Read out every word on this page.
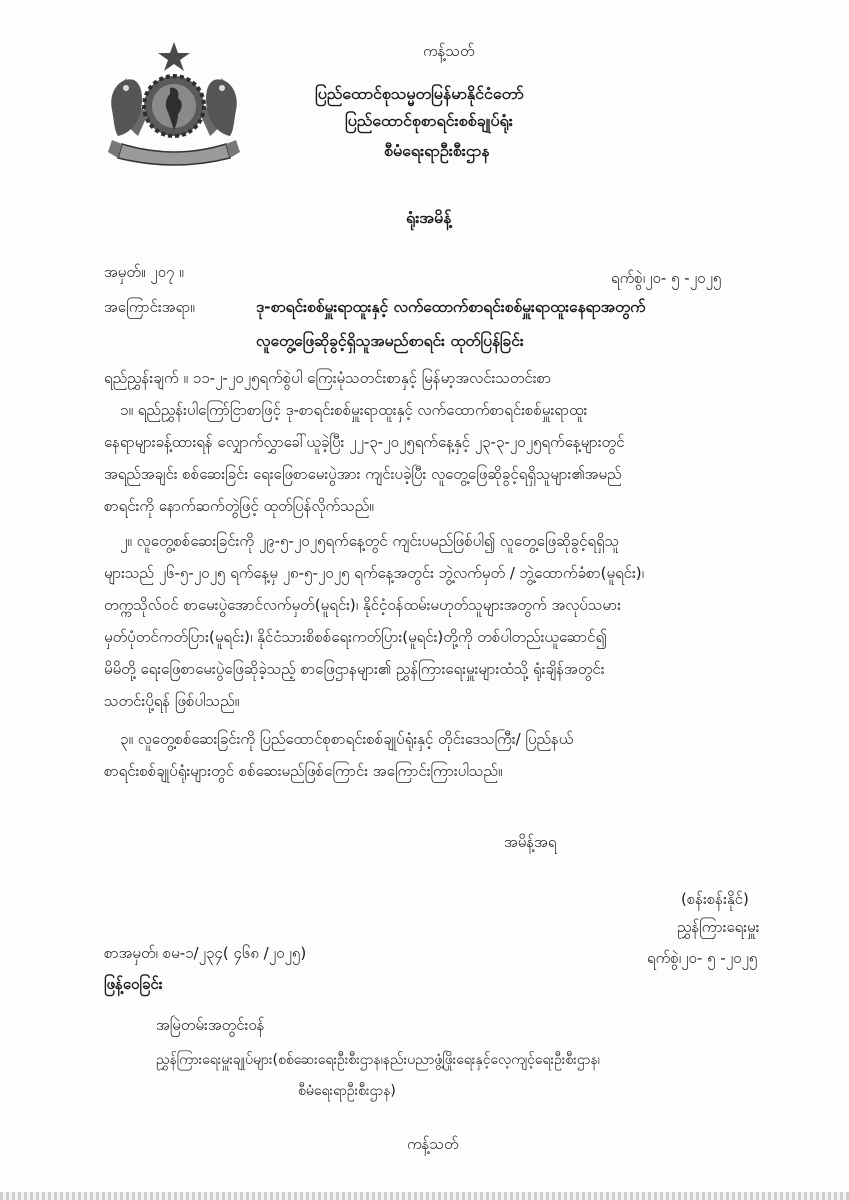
ကန့်သတ်
ပြည်ထောင်စုသမ္မတမြန်မာနိုင်ငံတော်
ပြည်ထောင်စုစာရင်းစစ်ချုပ်ရုံး
စီမံရေးရာဦးစီးဌာန
ရုံးအမိန့်
အမှတ်။ ၂၀၇ ။	ရက်စွဲ၊၂၀- ၅ -၂၀၂၅
အကြောင်းအရာ။	ဒု-စာရင်းစစ်မှူးရာထူးနှင့် လက်ထောက်စာရင်းစစ်မှူးရာထူးနေရာအတွက်
လူတွေ့ဖြေဆိုခွင့်ရှိသူအမည်စာရင်း ထုတ်ပြန်ခြင်း
ရည်ညွှန်းချက် ။ ၁၁-၂-၂၀၂၅ရက်စွဲပါ ကြေးမုံသတင်းစာနှင့် မြန်မာ့အလင်းသတင်းစာ
၁။ ရည်ညွှန်းပါကြော်ငြာစာဖြင့် ဒု-စာရင်းစစ်မှူးရာထူးနှင့် လက်ထောက်စာရင်းစစ်မှူးရာထူး
နေရာများခန့်ထားရန် လျှောက်လွှာခေါ်ယူခဲ့ပြီး ၂၂-၃-၂၀၂၅ရက်နေ့နှင့် ၂၃-၃-၂၀၂၅ရက်နေ့များတွင်
အရည်အချင်း စစ်ဆေးခြင်း ရေးဖြေစာမေးပွဲအား ကျင်းပခဲ့ပြီး လူတွေ့ဖြေဆိုခွင့်ရရှိသူများ၏အမည်
စာရင်းကို နောက်ဆက်တွဲဖြင့် ထုတ်ပြန်လိုက်သည်။
၂။ လူတွေ့စစ်ဆေးခြင်းကို ၂၉-၅-၂၀၂၅ရက်နေ့တွင် ကျင်းပမည်ဖြစ်ပါ၍ လူတွေ့ဖြေဆိုခွင့်ရရှိသူ
များသည် ၂၆-၅-၂၀၂၅ ရက်နေ့မှ ၂၈-၅-၂၀၂၅ ရက်နေ့အတွင်း ဘွဲ့လက်မှတ် / ဘွဲ့ထောက်ခံစာ(မူရင်း)၊
တက္ကသိုလ်ဝင် စာမေးပွဲအောင်လက်မှတ်(မူရင်း)၊ နိုင်ငံ့ဝန်ထမ်းမဟုတ်သူများအတွက် အလုပ်သမား
မှတ်ပုံတင်ကတ်ပြား(မူရင်း)၊ နိုင်ငံသားစိစစ်ရေးကတ်ပြား(မူရင်း)တို့ကို တစ်ပါတည်းယူဆောင်၍
မိမိတို့ ရေးဖြေစာမေးပွဲဖြေဆိုခဲ့သည့် စာဖြေဌာနများ၏ ညွှန်ကြားရေးမှူးများထံသို့ ရုံးချိန်အတွင်း
သတင်းပို့ရန် ဖြစ်ပါသည်။
၃။ လူတွေ့စစ်ဆေးခြင်းကို ပြည်ထောင်စုစာရင်းစစ်ချုပ်ရုံးနှင့် တိုင်းဒေသကြီး/ ပြည်နယ်
စာရင်းစစ်ချုပ်ရုံးများတွင် စစ်ဆေးမည်ဖြစ်ကြောင်း အကြောင်းကြားပါသည်။
အမိန့်အရ
(စန်းစန်းနိုင်)
ညွှန်ကြားရေးမှူး
ရက်စွဲ၊၂၀- ၅ -၂၀၂၅
စာအမှတ်၊ စမ-၁/၂၃၄( ၄၆၈ /၂၀၂၅)
ဖြန့်ဝေခြင်း
အမြဲတမ်းအတွင်းဝန်
ညွှန်ကြားရေးမှူးချုပ်များ(စစ်ဆေးရေးဦးစီးဌာန၊နည်းပညာဖွံ့ဖြိုးရေးနှင့်လေ့ကျင့်ရေးဦးစီးဌာန၊
စီမံရေးရာဦးစီးဌာန)
ကန့်သတ်
